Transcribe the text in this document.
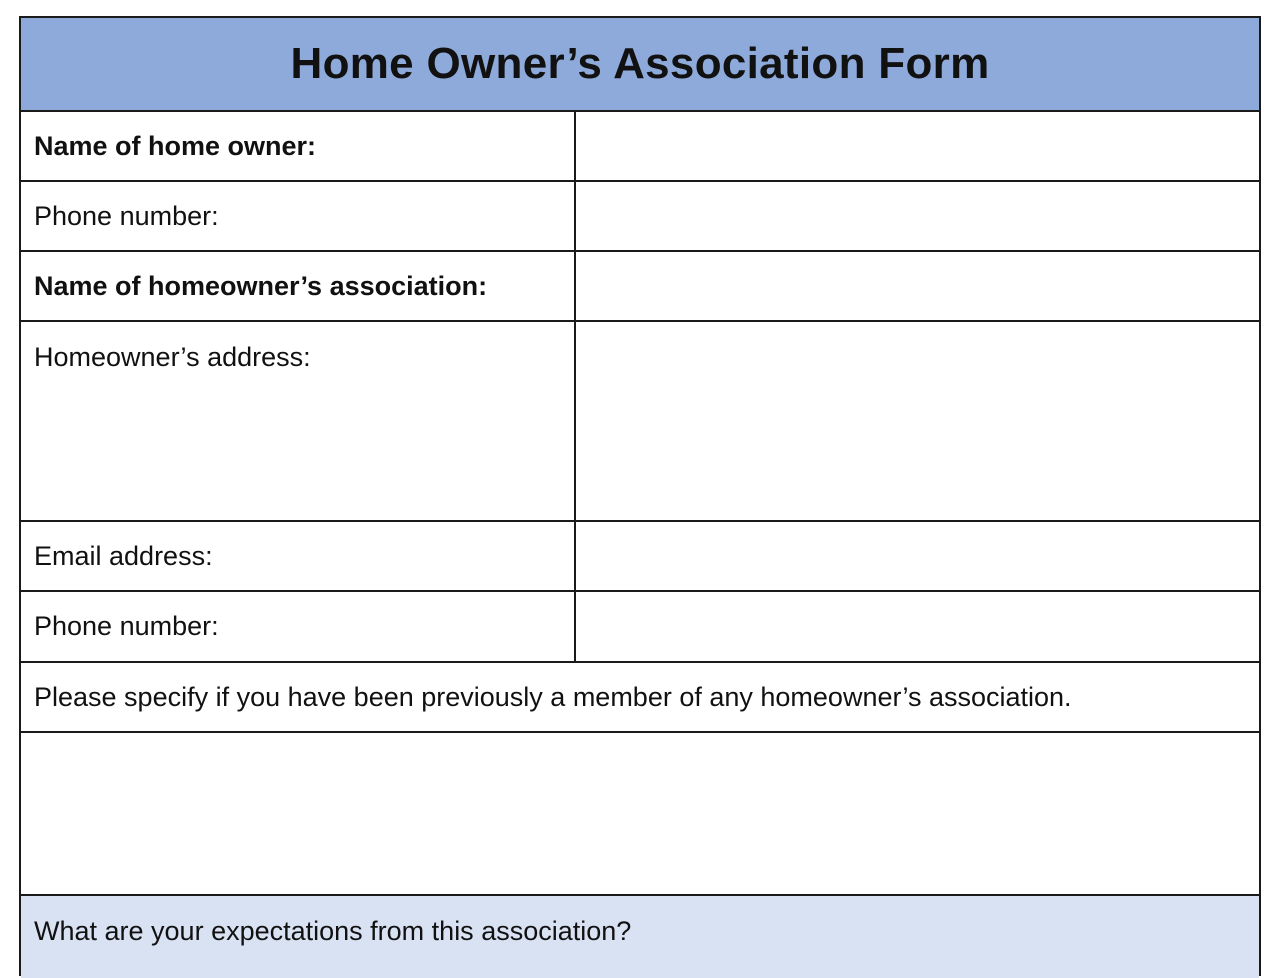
Home Owner’s Association Form
Name of home owner:
Phone number:
Name of homeowner’s association:
Homeowner’s address:
Email address:
Phone number:
Please specify if you have been previously a member of any homeowner’s association.
What are your expectations from this association?
